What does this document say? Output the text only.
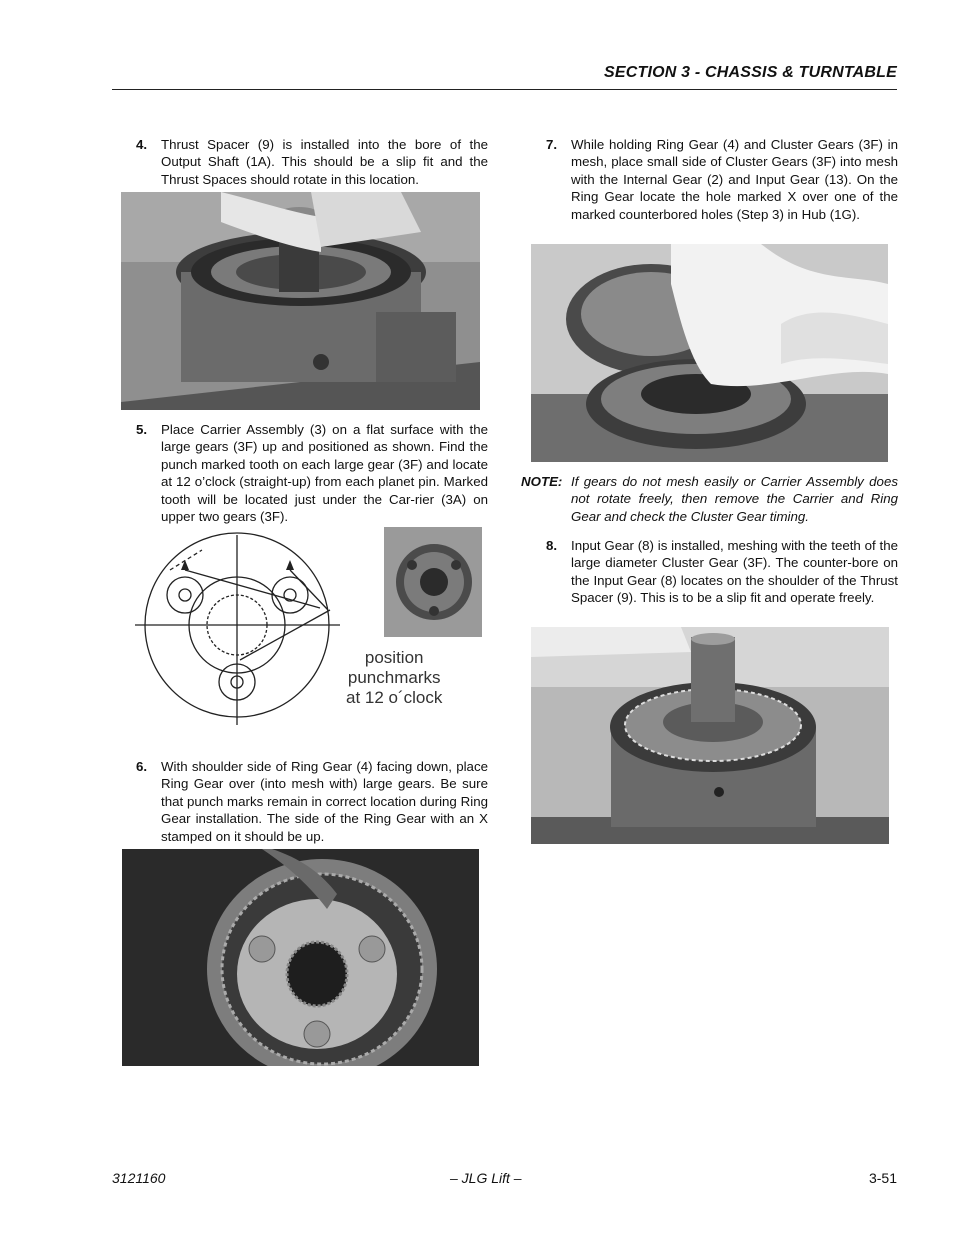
SECTION 3 - CHASSIS & TURNTABLE
4. Thrust Spacer (9) is installed into the bore of the Output Shaft (1A). This should be a slip fit and the Thrust Spaces should rotate in this location.
5. Place Carrier Assembly (3) on a flat surface with the large gears (3F) up and positioned as shown. Find the punch marked tooth on each large gear (3F) and locate at 12 o’clock (straight-up) from each planet pin. Marked tooth will be located just under the Car-rier (3A) on upper two gears (3F).
position
punchmarks
at 12 o´clock
6. With shoulder side of Ring Gear (4) facing down, place Ring Gear over (into mesh with) large gears. Be sure that punch marks remain in correct location during Ring Gear installation. The side of the Ring Gear with an X stamped on it should be up.
7. While holding Ring Gear (4) and Cluster Gears (3F) in mesh, place small side of Cluster Gears (3F) into mesh with the Internal Gear (2) and Input Gear (13). On the Ring Gear locate the hole marked X over one of the marked counterbored holes (Step 3) in Hub (1G).
NOTE: If gears do not mesh easily or Carrier Assembly does not rotate freely, then remove the Carrier and Ring Gear and check the Cluster Gear timing.
8. Input Gear (8) is installed, meshing with the teeth of the large diameter Cluster Gear (3F). The counter-bore on the Input Gear (8) locates on the shoulder of the Thrust Spacer (9). This is to be a slip fit and operate freely.
3121160	– JLG Lift –	3-51
